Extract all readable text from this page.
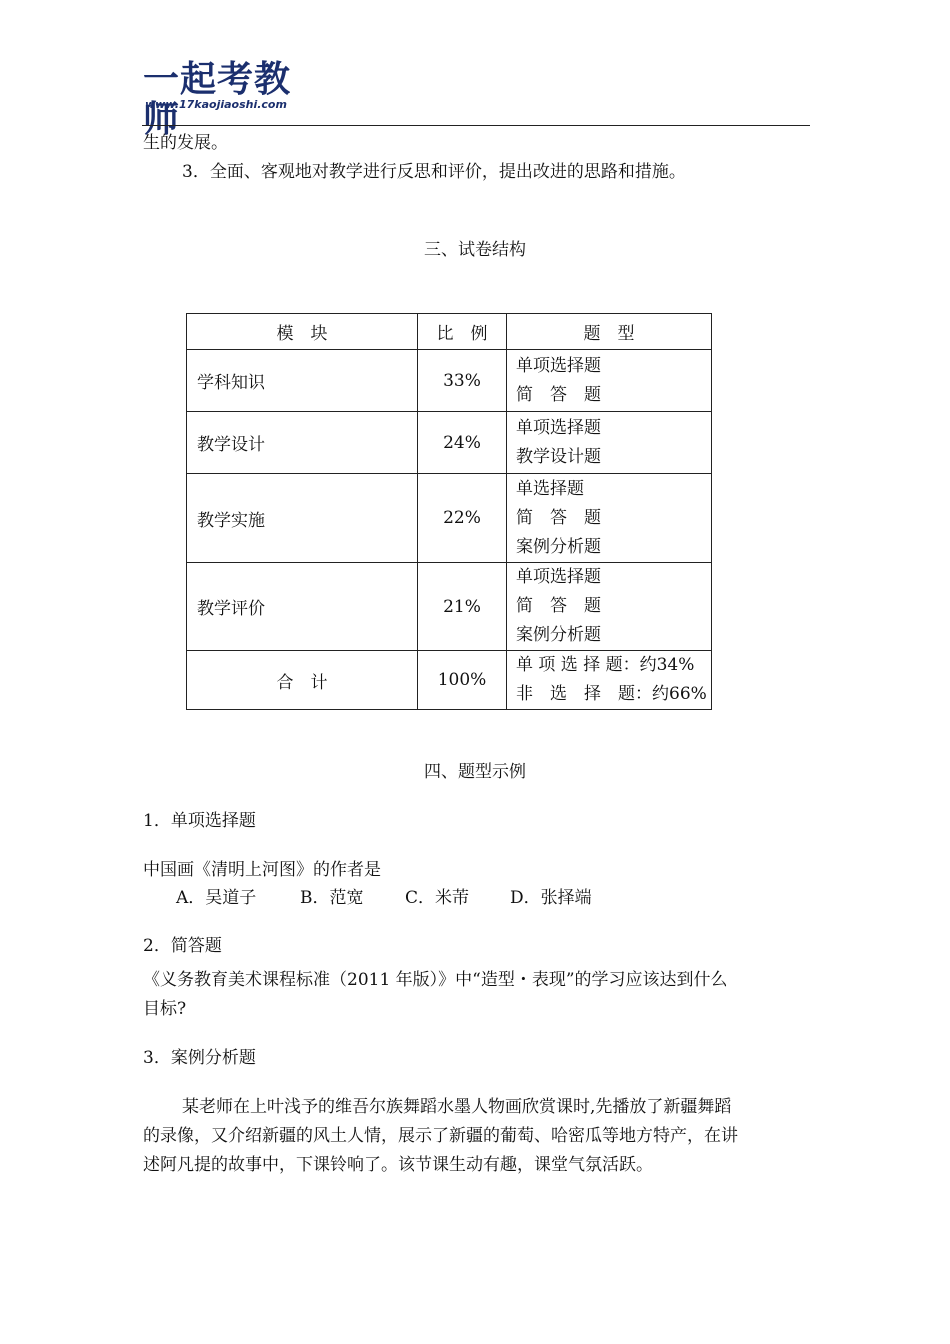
一起考教师
www.17kaojiaoshi.com
生的发展。
3．全面、客观地对教学进行反思和评价，提出改进的思路和措施。
三、试卷结构
模　块	比　例	题　型
学科知识	33%	单项选择题
简　答　题

教学设计	24%	单项选择题
教学设计题

教学实施	22%	单选择题
简　答　题
案例分析题

教学评价	21%	单项选择题
简　答　题
案例分析题

合　计	100%	单 项 选 择 题：约34%
非　选　择　题：约66%
四、题型示例
1．单项选择题
中国画《清明上河图》的作者是
A．吴道子	B．范宽 C．米芾 D．张择端
2．简答题
《义务教育美术课程标准（2011 年版）》中“造型・表现”的学习应该达到什么
目标?
3．案例分析题
某老师在上叶浅予的维吾尔族舞蹈水墨人物画欣赏课时,先播放了新疆舞蹈
的录像，又介绍新疆的风土人情，展示了新疆的葡萄、哈密瓜等地方特产，在讲
述阿凡提的故事中，下课铃响了。该节课生动有趣，课堂气氛活跃。
